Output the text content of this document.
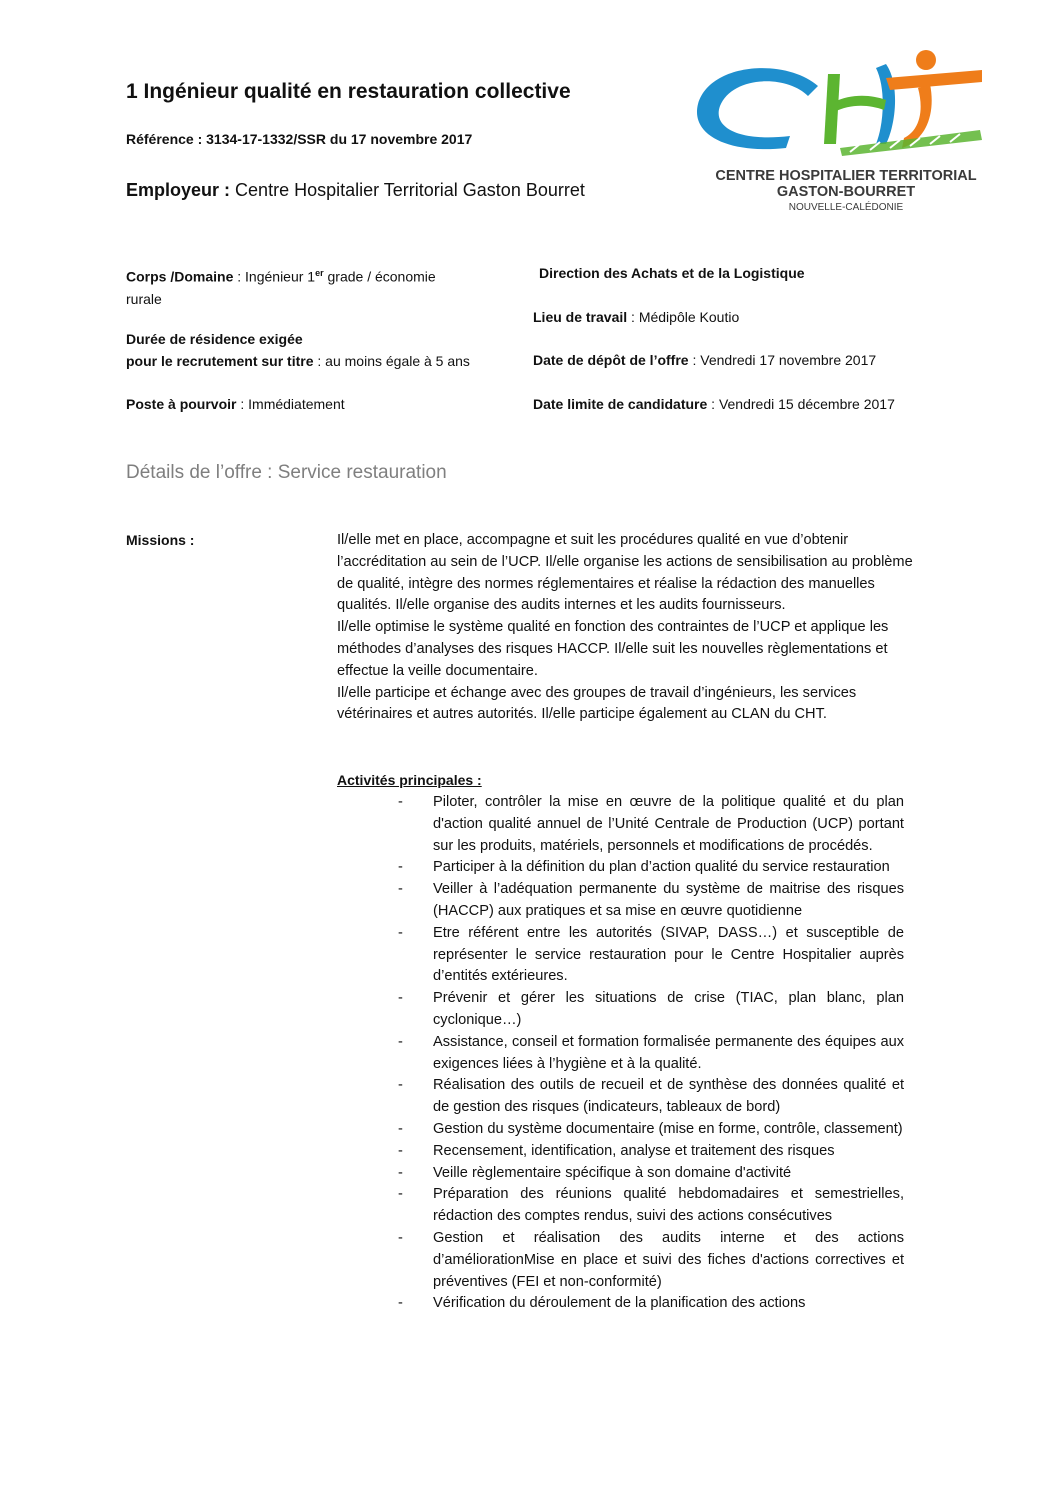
1 Ingénieur qualité en restauration collective
Référence : 3134-17-1332/SSR du 17 novembre 2017
Employeur : Centre Hospitalier Territorial Gaston Bourret
CENTRE HOSPITALIER TERRITORIAL
GASTON-BOURRET
NOUVELLE-CALÉDONIE
Corps /Domaine : Ingénieur 1er grade / économie
rurale
Durée de résidence exigée
pour le recrutement sur titre : au moins égale à 5 ans
Poste à pourvoir : Immédiatement
Direction des Achats et de la Logistique
Lieu de travail : Médipôle Koutio
Date de dépôt de l’offre : Vendredi 17 novembre 2017
Date limite de candidature : Vendredi 15 décembre 2017
Détails de l’offre : Service restauration
Missions :	Il/elle met en place, accompagne et suit les procédures qualité en vue d’obtenir l’accréditation au sein de l’UCP. Il/elle organise les actions de sensibilisation au problème de qualité, intègre des normes réglementaires et réalise la rédaction des manuelles qualités. Il/elle organise des audits internes et les audits fournisseurs.

Il/elle optimise le système qualité en fonction des contraintes de l’UCP et applique les méthodes d’analyses des risques HACCP. Il/elle suit les nouvelles règlementations et effectue la veille documentaire.

Il/elle participe et échange avec des groupes de travail d’ingénieurs, les services vétérinaires et autres autorités. Il/elle participe également au CLAN du CHT.

Activités principales :
- Piloter, contrôler la mise en œuvre de la politique qualité et du plan d'action qualité annuel de l’Unité Centrale de Production (UCP) portant sur les produits, matériels, personnels et modifications de procédés.
- Participer à la définition du plan d’action qualité du service restauration
- Veiller à l’adéquation permanente du système de maitrise des risques (HACCP) aux pratiques et sa mise en œuvre quotidienne
- Etre référent entre les autorités (SIVAP, DASS…) et susceptible de représenter le service restauration pour le Centre Hospitalier auprès d’entités extérieures.
- Prévenir et gérer les situations de crise (TIAC, plan blanc, plan cyclonique…)
- Assistance, conseil et formation formalisée permanente des équipes aux exigences liées à l’hygiène et à la qualité.
- Réalisation des outils de recueil et de synthèse des données qualité et de gestion des risques (indicateurs, tableaux de bord)
- Gestion du système documentaire (mise en forme, contrôle, classement)
- Recensement, identification, analyse et traitement des risques
- Veille règlementaire spécifique à son domaine d'activité
- Préparation des réunions qualité hebdomadaires et semestrielles, rédaction des comptes rendus, suivi des actions consécutives
- Gestion et réalisation des audits interne et des actions d’améliorationMise en place et suivi des fiches d'actions correctives et préventives (FEI et non-conformité)
- Vérification du déroulement de la planification des actions
